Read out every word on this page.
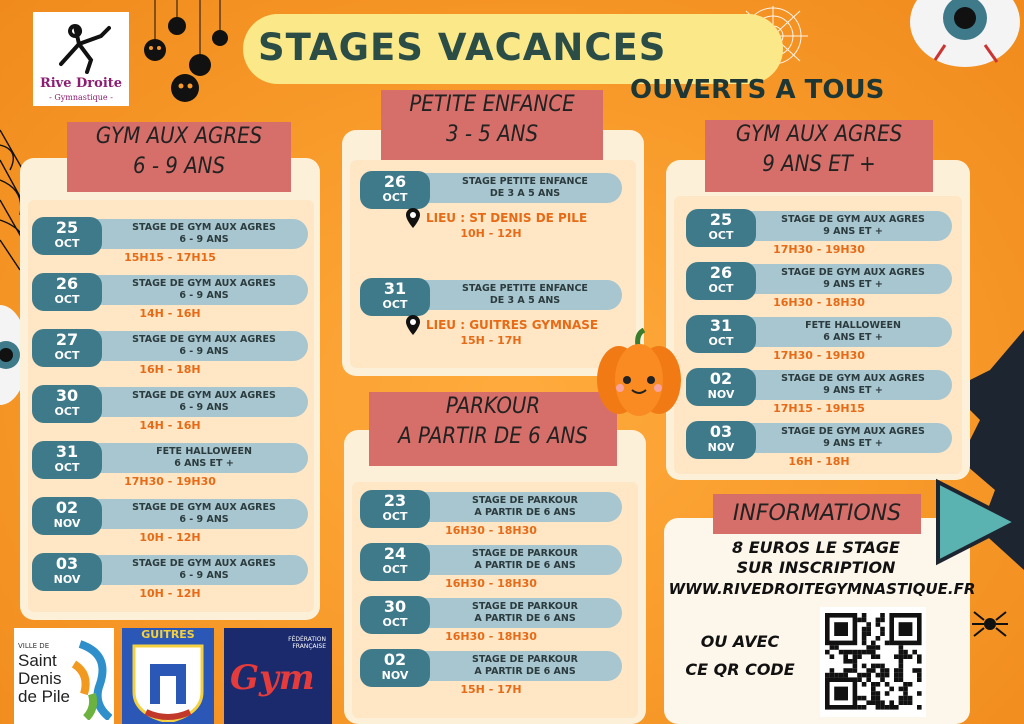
Rive Droite
- Gymnastique -
STAGES VACANCES
OUVERTS A TOUS
GYM AUX AGRES
6 - 9 ANS
25
OCT
STAGE DE GYM AUX AGRES
6 - 9 ANS
15H15 - 17H15
26
OCT
STAGE DE GYM AUX AGRES
6 - 9 ANS
14H - 16H
27
OCT
STAGE DE GYM AUX AGRES
6 - 9 ANS
16H - 18H
30
OCT
STAGE DE GYM AUX AGRES
6 - 9 ANS
14H - 16H
31
OCT
FETE HALLOWEEN
6 ANS ET +
17H30 - 19H30
02
NOV
STAGE DE GYM AUX AGRES
6 - 9 ANS
10H - 12H
03
NOV
STAGE DE GYM AUX AGRES
6 - 9 ANS
10H - 12H
PETITE ENFANCE
3 - 5 ANS
26
OCT
STAGE PETITE ENFANCE
DE 3 A 5 ANS
LIEU : ST DENIS DE PILE
10H - 12H
31
OCT
STAGE PETITE ENFANCE
DE 3 A 5 ANS
LIEU : GUITRES GYMNASE
15H - 17H
PARKOUR
A PARTIR DE 6 ANS
23
OCT
STAGE DE PARKOUR
A PARTIR DE 6 ANS
16H30 - 18H30
24
OCT
STAGE DE PARKOUR
A PARTIR DE 6 ANS
16H30 - 18H30
30
OCT
STAGE DE PARKOUR
A PARTIR DE 6 ANS
16H30 - 18H30
02
NOV
STAGE DE PARKOUR
A PARTIR DE 6 ANS
15H - 17H
GYM AUX AGRES
9 ANS ET +
25
OCT
STAGE DE GYM AUX AGRES
9 ANS ET +
17H30 - 19H30
26
OCT
STAGE DE GYM AUX AGRES
9 ANS ET +
16H30 - 18H30
31
OCT
FETE HALLOWEEN
6 ANS ET +
17H30 - 19H30
02
NOV
STAGE DE GYM AUX AGRES
9 ANS ET +
17H15 - 19H15
03
NOV
STAGE DE GYM AUX AGRES
9 ANS ET +
16H - 18H
INFORMATIONS
8 EUROS LE STAGE
SUR INSCRIPTION
WWW.RIVEDROITEGYMNASTIQUE.FR
OU AVEC
CE QR CODE
VILLE DE
Saint
Denis
de Pile
GUITRES	FÉDÉRATION FRANÇAISE
Gym
